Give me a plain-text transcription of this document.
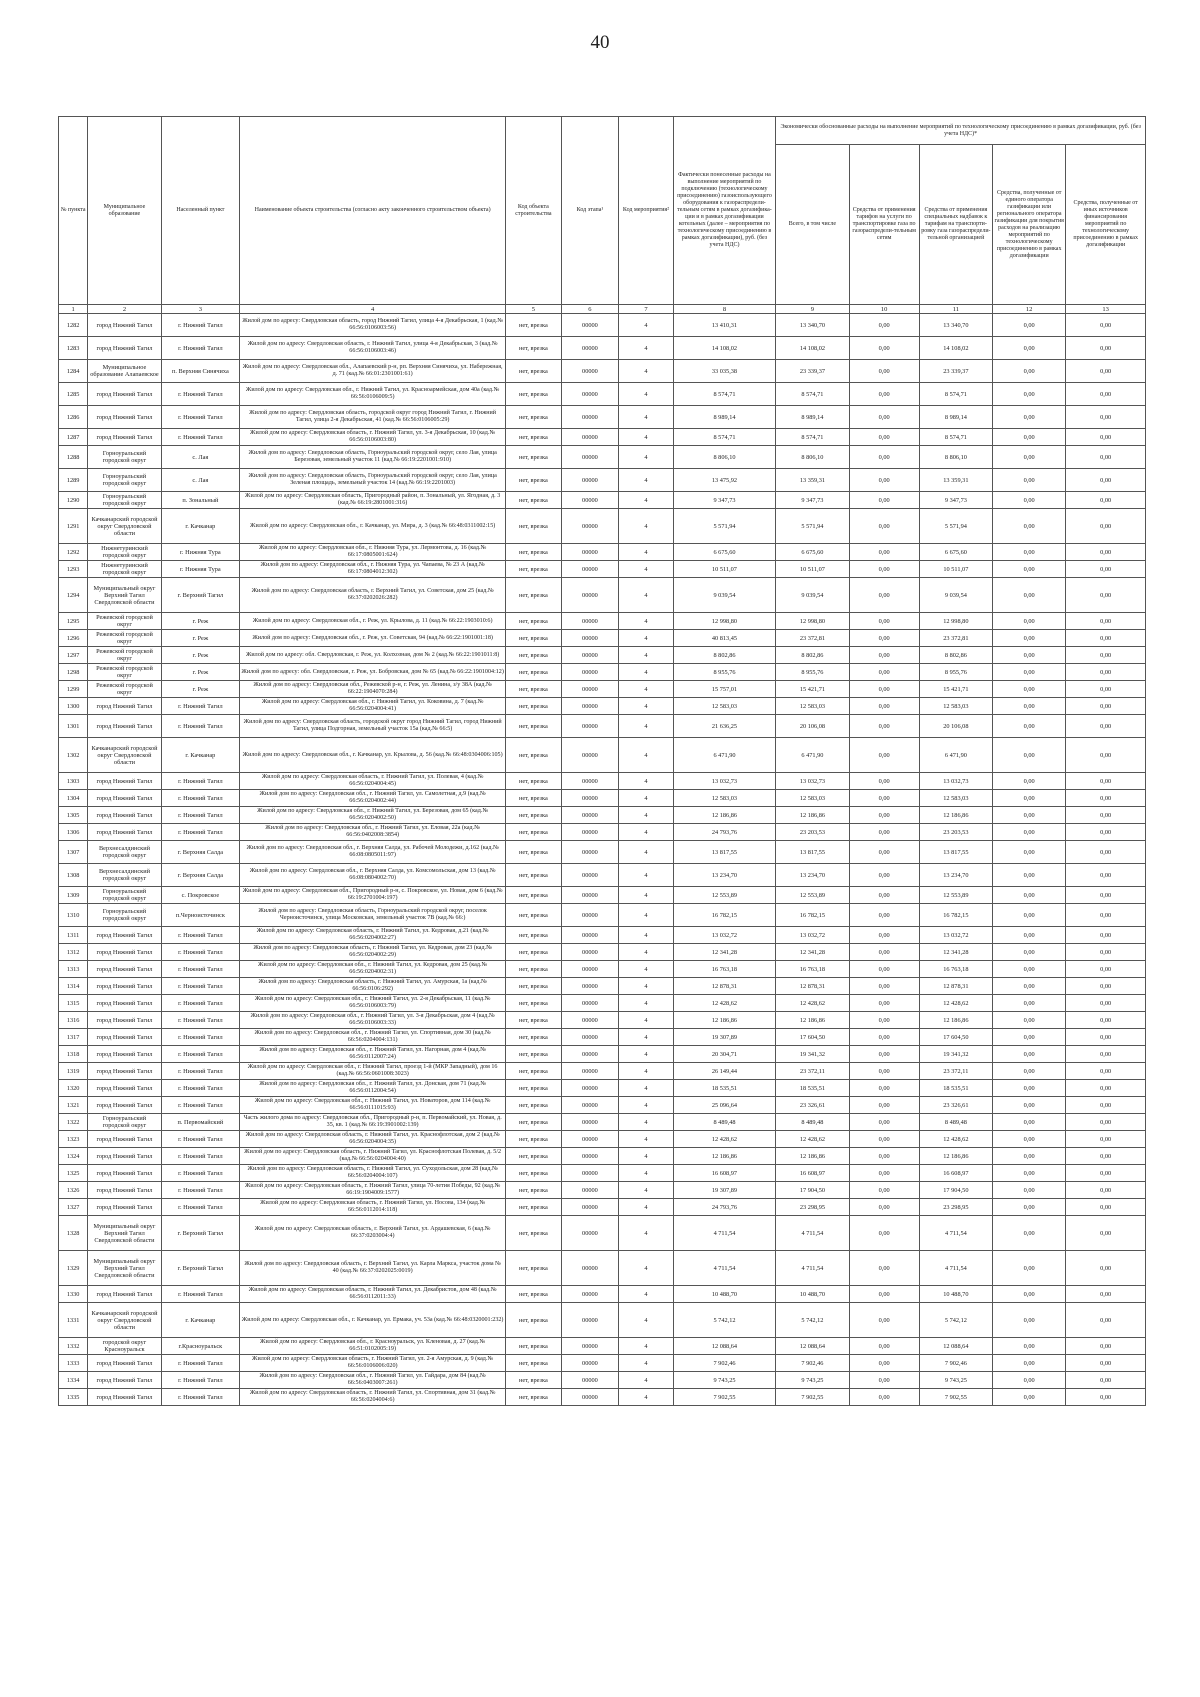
40
№ пункта	Муниципальное образование	Населенный пункт	Наименование объекта строительства (согласно акту законченного строительством объекта)	Код объекта строительства	Код этапа¹	Код мероприятия²	Фактически понесенные расходы на выполнение мероприятий по подключению (технологическому присоединению) газоиспользующего оборудования к газораспредели-тельным сетям в рамках догазифика-ции и в рамках догазификации котельных (далее – мероприятия по технологическому присоединению в рамках догазификации), руб. (без учета НДС)	Экономически обоснованные расходы на выполнение мероприятий по технологическому присоединению в рамках догазификации, руб. (без учета НДС)*				
								Всего, в том числе	Средства от применения тарифов на услуги по транспортировке газа по газораспредели-тельным сетям	Средства от применения специальных надбавок к тарифам на транспорти-ровку газа газораспредели-тельной организацией	Средства, полученные от единого оператора газификации или регионального оператора газификации для покрытия расходов на реализацию мероприятий по технологическому присоединению в рамках догазификации	Средства, полученные от иных источников финансирования мероприятий по технологическому присоединению в рамках догазификации
1	2	3	4	5	6	7	8	9	10	11	12	13
1282	город Нижний Тагил	г. Нижний Тагил	Жилой дом по адресу: Свердловская область, город Нижний Тагил, улица 4-я Декабрьская, 1 (кад.№ 66:56:0106003:56)	нет, врезка	00000	4	13 410,31	13 340,70	0,00	13 340,70	0,00	0,00
1283	город Нижний Тагил	г. Нижний Тагил	Жилой дом по адресу: Свердловская область, г. Нижний Тагил, улица 4-я Декабрьская, 3 (кад.№ 66:56:0106003:46)	нет, врезка	00000	4	14 108,02	14 108,02	0,00	14 108,02	0,00	0,00
1284	Муниципальное образование Алапаевское	п. Верхняя Синячиха	Жилой дом по адресу: Свердловская обл., Алапаевский р-н, рп. Верхняя Синячиха, ул. Набережная, д. 71 (кад.№ 66:01:2301001:61)	нет, врезка	00000	4	33 035,38	23 339,37	0,00	23 339,37	0,00	0,00
1285	город Нижний Тагил	г. Нижний Тагил	Жилой дом по адресу: Свердловская обл., г. Нижний Тагил, ул. Красноармейская, дом 40а (кад.№ 66:56:0106009:5)	нет, врезка	00000	4	8 574,71	8 574,71	0,00	8 574,71	0,00	0,00
1286	город Нижний Тагил	г. Нижний Тагил	Жилой дом по адресу: Свердловская область, городской округ город Нижний Тагил, г. Нижний Тагил, улица 2-я Декабрьская, 41 (кад.№ 66:56:0106005:29)	нет, врезка	00000	4	8 989,14	8 989,14	0,00	8 989,14	0,00	0,00
1287	город Нижний Тагил	г. Нижний Тагил	Жилой дом по адресу: Свердловская область, г. Нижний Тагил, ул. 3-я Декабрьская, 10 (кад.№ 66:56:0106003:80)	нет, врезка	00000	4	8 574,71	8 574,71	0,00	8 574,71	0,00	0,00
1288	Горноуральский городской округ	с. Лая	Жилой дом по адресу: Свердловская область, Горноуральский городской округ, село Лая, улица Березовая, земельный участок 11 (кад.№ 66:19:2201001:910)	нет, врезка	00000	4	8 806,10	8 806,10	0,00	8 806,10	0,00	0,00
1289	Горноуральский городской округ	с. Лая	Жилой дом по адресу: Свердловская область, Горноуральский городской округ, село Лая, улица Зеленая площадь, земельный участок 14 (кад.№ 66:19:2201003)	нет, врезка	00000	4	13 475,92	13 359,31	0,00	13 359,31	0,00	0,00
1290	Горноуральский городской округ	п. Зональный	Жилой дом по адресу: Свердловская область, Пригородный район, п. Зональный, ул. Ягодная, д. 3 (кад.№ 66:19:2801001:316)	нет, врезка	00000	4	9 347,73	9 347,73	0,00	9 347,73	0,00	0,00
1291	Качканарский городской округ Свердловской области	г. Качканар	Жилой дом по адресу: Свердловская обл., г. Качканар, ул. Мира, д. 3 (кад.№ 66:48:0311002:15)	нет, врезка	00000	4	5 571,94	5 571,94	0,00	5 571,94	0,00	0,00
1292	Нижнетуринский городской округ	г. Нижняя Тура	Жилой дом по адресу: Свердловская обл., г. Нижняя Тура, ул. Лермонтова, д. 16 (кад.№ 66:17:0805001:624)	нет, врезка	00000	4	6 675,60	6 675,60	0,00	6 675,60	0,00	0,00
1293	Нижнетуринский городской округ	г. Нижняя Тура	Жилой дом по адресу: Свердловская обл., г. Нижняя Тура, ул. Чапаева, № 23 А (кад.№ 66:17:0804012:302)	нет, врезка	00000	4	10 511,07	10 511,07	0,00	10 511,07	0,00	0,00
1294	Муниципальный округ Верхний Тагил Свердловской области	г. Верхний Тагил	Жилой дом по адресу: Свердловская область, г. Верхний Тагил, ул. Советская, дом 25 (кад.№ 66:37:0202026:282)	нет, врезка	00000	4	9 039,54	9 039,54	0,00	9 039,54	0,00	0,00
1295	Режевской городской округ	г. Реж	Жилой дом по адресу: Свердловская обл., г. Реж, ул. Крылова, д. 11 (кад.№ 66:22:1903010:6)	нет, врезка	00000	4	12 998,80	12 998,80	0,00	12 998,80	0,00	0,00
1296	Режевской городской округ	г. Реж	Жилой дом по адресу: Свердловская обл., г. Реж, ул. Советская, 94 (кад.№ 66:22:1901001:18)	нет, врезка	00000	4	40 813,45	23 372,81	0,00	23 372,81	0,00	0,00
1297	Режевской городской округ	г. Реж	Жилой дом по адресу: обл. Свердловская, г. Реж, ул. Колхозная, дом № 2 (кад.№ 66:22:1901011:8)	нет, врезка	00000	4	8 802,86	8 802,86	0,00	8 802,86	0,00	0,00
1298	Режевской городской округ	г. Реж	Жилой дом по адресу: обл. Свердловская, г. Реж, ул. Бобровская, дом № 65 (кад.№ 66:22:1901004:12)	нет, врезка	00000	4	8 955,76	8 955,76	0,00	8 955,76	0,00	0,00
1299	Режевской городской округ	г. Реж	Жилой дом по адресу: Свердловская обл., Режевской р-н, г. Реж, ул. Ленина, з/у 38А (кад.№ 66:22:1904070:284)	нет, врезка	00000	4	15 757,01	15 421,71	0,00	15 421,71	0,00	0,00
1300	город Нижний Тагил	г. Нижний Тагил	Жилой дом по адресу: Свердловская обл., г. Нижний Тагил, ул. Коковина, д. 7 (кад.№ 66:56:0204004:41)	нет, врезка	00000	4	12 583,03	12 583,03	0,00	12 583,03	0,00	0,00
1301	город Нижний Тагил	г. Нижний Тагил	Жилой дом по адресу: Свердловская область, городской округ город Нижний Тагил, город Нижний Тагил, улица Подгорная, земельный участок 15а (кад.№ 66:5)	нет, врезка	00000	4	21 636,25	20 106,08	0,00	20 106,08	0,00	0,00
1302	Качканарский городской округ Свердловской области	г. Качканар	Жилой дом по адресу: Свердловская обл., г. Качканар, ул. Крылова, д. 56 (кад.№ 66:48:0304006:105)	нет, врезка	00000	4	6 471,90	6 471,90	0,00	6 471,90	0,00	0,00
1303	город Нижний Тагил	г. Нижний Тагил	Жилой дом по адресу: Свердловская область, г. Нижний Тагил, ул. Полевая, 4 (кад.№ 66:56:0204004:45)	нет, врезка	00000	4	13 032,73	13 032,73	0,00	13 032,73	0,00	0,00
1304	город Нижний Тагил	г. Нижний Тагил	Жилой дом по адресу: Свердловская обл., г. Нижний Тагил, ул. Самолетная, д.9 (кад.№ 66:56:0204002:44)	нет, врезка	00000	4	12 583,03	12 583,03	0,00	12 583,03	0,00	0,00
1305	город Нижний Тагил	г. Нижний Тагил	Жилой дом по адресу: Свердловская обл., г. Нижний Тагил, ул. Березовая, дом 65 (кад.№ 66:56:0204002:50)	нет, врезка	00000	4	12 186,86	12 186,86	0,00	12 186,86	0,00	0,00
1306	город Нижний Тагил	г. Нижний Тагил	Жилой дом по адресу: Свердловская обл., г. Нижний Тагил, ул. Еловая, 22а (кад.№ 66:56:0402008:3854)	нет, врезка	00000	4	24 793,76	23 203,53	0,00	23 203,53	0,00	0,00
1307	Верхнесалдинский городской округ	г. Верхняя Салда	Жилой дом по адресу: Свердловская обл., г. Верхняя Салда, ул. Рабочей Молодежи, д.162 (кад.№ 66:08:0805011:97)	нет, врезка	00000	4	13 817,55	13 817,55	0,00	13 817,55	0,00	0,00
1308	Верхнесалдинский городской округ	г. Верхняя Салда	Жилой дом по адресу: Свердловская обл., г. Верхняя Салда, ул. Комсомольская, дом 13 (кад.№ 66:08:0804002:70)	нет, врезка	00000	4	13 234,70	13 234,70	0,00	13 234,70	0,00	0,00
1309	Горноуральский городской округ	с. Покровское	Жилой дом по адресу: Свердловская обл., Пригородный р-н, с. Покровское, ул. Новая, дом 6 (кад.№ 66:19:2701004:197)	нет, врезка	00000	4	12 553,89	12 553,89	0,00	12 553,89	0,00	0,00
1310	Горноуральский городской округ	п.Черноисточинск	Жилой дом по адресу: Свердловская область, Горноуральский городской округ, поселок Черноисточинск, улица Московская, земельный участок 7В (кад.№ 66:)	нет, врезка	00000	4	16 782,15	16 782,15	0,00	16 782,15	0,00	0,00
1311	город Нижний Тагил	г. Нижний Тагил	Жилой дом по адресу: Свердловская область, г. Нижний Тагил, ул. Кедровая, д.21 (кад.№ 66:56:0204002:27)	нет, врезка	00000	4	13 032,72	13 032,72	0,00	13 032,72	0,00	0,00
1312	город Нижний Тагил	г. Нижний Тагил	Жилой дом по адресу: Свердловская область, г. Нижний Тагил, ул. Кедровая, дом 23 (кад.№ 66:56:0204002:29)	нет, врезка	00000	4	12 341,28	12 341,28	0,00	12 341,28	0,00	0,00
1313	город Нижний Тагил	г. Нижний Тагил	Жилой дом по адресу: Свердловская обл., г. Нижний Тагил, ул. Кедровая, дом 25 (кад.№ 66:56:0204002:31)	нет, врезка	00000	4	16 763,18	16 763,18	0,00	16 763,18	0,00	0,00
1314	город Нижний Тагил	г. Нижний Тагил	Жилой дом по адресу: Свердловская область, г. Нижний Тагил, ул. Амурская, 1а (кад.№ 66:56:0106:292)	нет, врезка	00000	4	12 878,31	12 878,31	0,00	12 878,31	0,00	0,00
1315	город Нижний Тагил	г. Нижний Тагил	Жилой дом по адресу: Свердловская обл., г. Нижний Тагил, ул. 2-я Декабрьская, 11 (кад.№ 66:56:0106003:79)	нет, врезка	00000	4	12 428,62	12 428,62	0,00	12 428,62	0,00	0,00
1316	город Нижний Тагил	г. Нижний Тагил	Жилой дом по адресу: Свердловская обл., г. Нижний Тагил, ул. 3-я Декабрьская, дом 4 (кад.№ 66:56:0106003:33)	нет, врезка	00000	4	12 186,86	12 186,86	0,00	12 186,86	0,00	0,00
1317	город Нижний Тагил	г. Нижний Тагил	Жилой дом по адресу: Свердловская обл., г. Нижний Тагил, ул. Спортивная, дом 30 (кад.№ 66:56:0204004:131)	нет, врезка	00000	4	19 307,89	17 604,50	0,00	17 604,50	0,00	0,00
1318	город Нижний Тагил	г. Нижний Тагил	Жилой дом по адресу: Свердловская обл., г. Нижний Тагил, ул. Нагорная, дом 4 (кад.№ 66:56:0112007:24)	нет, врезка	00000	4	20 304,71	19 341,32	0,00	19 341,32	0,00	0,00
1319	город Нижний Тагил	г. Нижний Тагил	Жилой дом по адресу: Свердловская обл., г. Нижний Тагил, проезд 1-й (МКР Западный), дом 16 (кад.№ 66:56:0601008:3023)	нет, врезка	00000	4	26 149,44	23 372,11	0,00	23 372,11	0,00	0,00
1320	город Нижний Тагил	г. Нижний Тагил	Жилой дом по адресу: Свердловская обл., г. Нижний Тагил, ул. Донская, дом 71 (кад.№ 66:56:0112004:54)	нет, врезка	00000	4	18 535,51	18 535,51	0,00	18 535,51	0,00	0,00
1321	город Нижний Тагил	г. Нижний Тагил	Жилой дом по адресу: Свердловская обл., г. Нижний Тагил, ул. Новаторов, дом 114 (кад.№ 66:56:0111015:93)	нет, врезка	00000	4	25 096,64	23 326,61	0,00	23 326,61	0,00	0,00
1322	Горноуральский городской округ	п. Первомайский	Часть жилого дома по адресу: Свердловская обл., Пригородный р-н, п. Первомайский, ул. Новая, д. 35, кв. 1 (кад.№ 66:19:3901002:139)	нет, врезка	00000	4	8 489,48	8 489,48	0,00	8 489,48	0,00	0,00
1323	город Нижний Тагил	г. Нижний Тагил	Жилой дом по адресу: Свердловская область, г. Нижний Тагил, ул. Краснофлотская, дом 2 (кад.№ 66:56:0204004:35)	нет, врезка	00000	4	12 428,62	12 428,62	0,00	12 428,62	0,00	0,00
1324	город Нижний Тагил	г. Нижний Тагил	Жилой дом по адресу: Свердловская область, г. Нижний Тагил, ул. Краснофлотская Полевая, д. 5/2 (кад.№ 66:56:0204004:40)	нет, врезка	00000	4	12 186,86	12 186,86	0,00	12 186,86	0,00	0,00
1325	город Нижний Тагил	г. Нижний Тагил	Жилой дом по адресу: Свердловская область, г. Нижний Тагил, ул. Суходольская, дом 28 (кад.№ 66:56:0204004:107)	нет, врезка	00000	4	16 608,97	16 608,97	0,00	16 608,97	0,00	0,00
1326	город Нижний Тагил	г. Нижний Тагил	Жилой дом по адресу: Свердловская область, г. Нижний Тагил, улица 70-летия Победы, 92 (кад.№ 66:19:1904009:1577)	нет, врезка	00000	4	19 307,89	17 904,50	0,00	17 904,50	0,00	0,00
1327	город Нижний Тагил	г. Нижний Тагил	Жилой дом по адресу: Свердловская область, г. Нижний Тагил, ул. Носова, 134 (кад.№ 66:56:0112014:118)	нет, врезка	00000	4	24 793,76	23 298,95	0,00	23 298,95	0,00	0,00
1328	Муниципальный округ Верхний Тагил Свердловской области	г. Верхний Тагил	Жилой дом по адресу: Свердловская область, г. Верхний Тагил, ул. Ардашевская, 6 (кад.№ 66:37:0203004:4)	нет, врезка	00000	4	4 711,54	4 711,54	0,00	4 711,54	0,00	0,00
1329	Муниципальный округ Верхний Тагил Свердловской области	г. Верхний Тагил	Жилой дом по адресу: Свердловская область, г. Верхний Тагил, ул. Карла Маркса, участок дома № 40 (кад.№ 66:37:0202025:0019)	нет, врезка	00000	4	4 711,54	4 711,54	0,00	4 711,54	0,00	0,00
1330	город Нижний Тагил	г. Нижний Тагил	Жилой дом по адресу: Свердловская область, г. Нижний Тагил, ул. Декабристов, дом 48 (кад.№ 66:56:0112011:33)	нет, врезка	00000	4	10 488,70	10 488,70	0,00	10 488,70	0,00	0,00
1331	Качканарский городской округ Свердловской области	г. Качканар	Жилой дом по адресу: Свердловская обл., г. Качканар, ул. Ермака, уч. 53а (кад.№ 66:48:0320001:232)	нет, врезка	00000	4	5 742,12	5 742,12	0,00	5 742,12	0,00	0,00
1332	городской округ Красноуральск	г.Красноуральск	Жилой дом по адресу: Свердловская обл., г. Красноуральск, ул. Кленовая, д. 27 (кад.№ 66:51:0102005:19)	нет, врезка	00000	4	12 088,64	12 088,64	0,00	12 088,64	0,00	0,00
1333	город Нижний Тагил	г. Нижний Тагил	Жилой дом по адресу: Свердловская область, г. Нижний Тагил, ул. 2-я Амурская, д. 9 (кад.№ 66:56:0106006:020)	нет, врезка	00000	4	7 902,46	7 902,46	0,00	7 902,46	0,00	0,00
1334	город Нижний Тагил	г. Нижний Тагил	Жилой дом по адресу: Свердловская обл., г. Нижний Тагил, ул. Гайдара, дом 84 (кад.№ 66:56:0403007:261)	нет, врезка	00000	4	9 743,25	9 743,25	0,00	9 743,25	0,00	0,00
1335	город Нижний Тагил	г. Нижний Тагил	Жилой дом по адресу: Свердловская область, г. Нижний Тагил, ул. Спортивная, дом 31 (кад.№ 66:56:0204004:6)	нет, врезка	00000	4	7 902,55	7 902,55	0,00	7 902,55	0,00	0,00
